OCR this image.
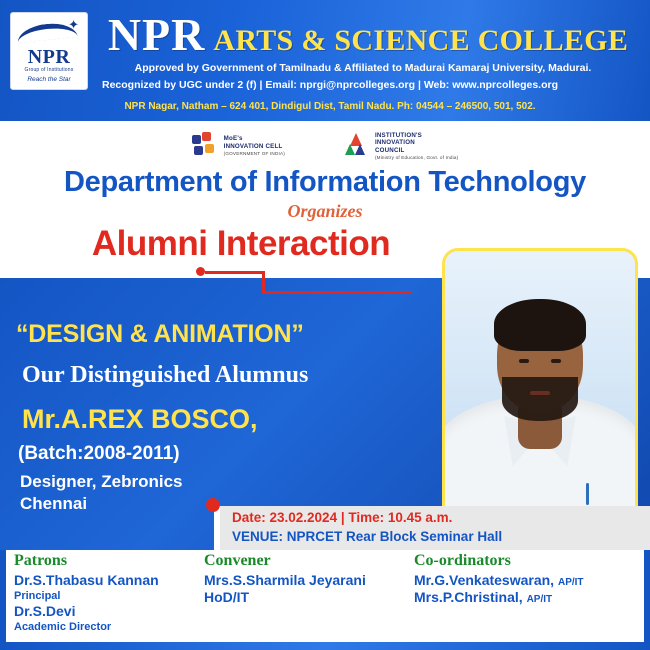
✦
NPR
Group of Institutions
Reach the Star
NPR ARTS & SCIENCE COLLEGE
Approved by Government of Tamilnadu & Affiliated to Madurai Kamaraj University, Madurai.
Recognized by UGC under 2 (f) | Email: nprgi@nprcolleges.org | Web: www.nprcolleges.org
NPR Nagar, Natham – 624 401, Dindigul Dist, Tamil Nadu. Ph: 04544 – 246500, 501, 502.
MoE's
INNOVATION CELL
(GOVERNMENT OF INDIA)
INSTITUTION'S
INNOVATION
COUNCIL
(Ministry of Education, Govt. of India)
Department of Information Technology
Organizes
Alumni Interaction
“DESIGN & ANIMATION”
Our Distinguished Alumnus
Mr.A.REX BOSCO,
(Batch:2008-2011)
Designer, Zebronics
Chennai
Date: 23.02.2024 | Time: 10.45 a.m.
VENUE: NPRCET Rear Block Seminar Hall
Patrons
Dr.S.Thabasu Kannan
Principal
Dr.S.Devi
Academic Director
Convener
Mrs.S.Sharmila Jeyarani
HoD/IT
Co-ordinators
Mr.G.Venkateswaran, AP/IT
Mrs.P.Christinal, AP/IT
